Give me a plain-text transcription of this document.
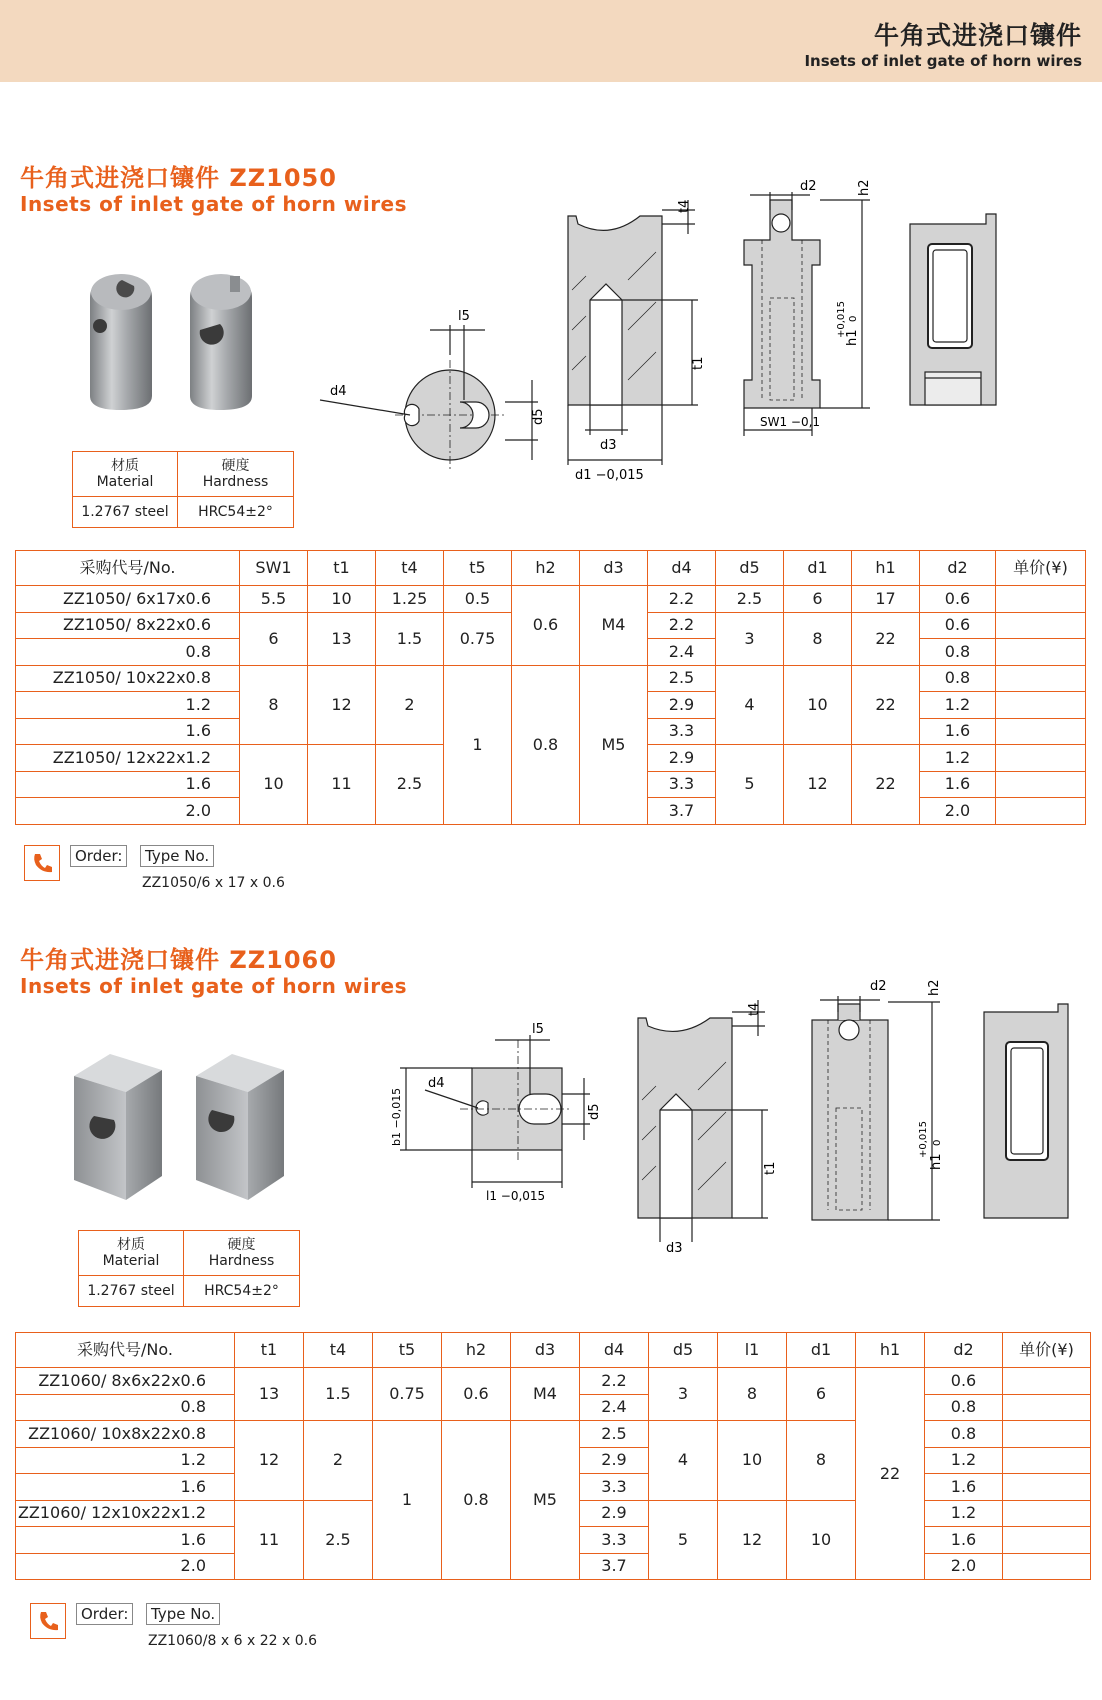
牛角式进浇口镶件
Insets of inlet gate of horn wires
牛角式进浇口镶件 ZZ1050
Insets of inlet gate of horn wires
材质
Material	硬度
Hardness
1.2767 steel	HRC54±2°
d4
l5
d5
t4
t1
d3
d1 −0,015
d2	h2
h1
+0,015 0
SW1 −0,1
采购代号/No.	SW1	t1	t4	t5	h2	d3	d4	d5	d1	h1	d2	单价(¥)
ZZ1050/ 6x17x0.6	5.5	10	1.25	0.5	0.6	M4	2.2	2.5	6	17	0.6	
ZZ1050/ 8x22x0.6	6	13	1.5	0.75			2.2	3	8	22	0.6	
0.8							2.4				0.8	
ZZ1050/ 10x22x0.8	8	12	2	1	0.8	M5	2.5	4	10	22	0.8	
1.2							2.9				1.2	
1.6							3.3				1.6	
ZZ1050/ 12x22x1.2	10	11	2.5				2.9	5	12	22	1.2	
1.6							3.3				1.6	
2.0							3.7				2.0	
Order:	Type No.
ZZ1050/6 x 17 x 0.6
牛角式进浇口镶件 ZZ1060
Insets of inlet gate of horn wires
材质
Material	硬度
Hardness
1.2767 steel	HRC54±2°
d4
l5
d5
b1 −0,015
l1 −0,015
t4
t1
d3
d2	h2
h1
+0,015 0
采购代号/No.	t1	t4	t5	h2	d3	d4	d5	l1	d1	h1	d2	单价(¥)
ZZ1060/ 8x6x22x0.6	13	1.5	0.75	0.6	M4	2.2	3	8	6	22	0.6	
0.8						2.4					0.8	
ZZ1060/ 10x8x22x0.8	12	2	1	0.8	M5	2.5	4	10	8		0.8	
1.2						2.9					1.2	
1.6						3.3					1.6	
ZZ1060/ 12x10x22x1.2	11	2.5				2.9	5	12	10		1.2	
1.6						3.3					1.6	
2.0						3.7					2.0	
Order:	Type No.
ZZ1060/8 x 6 x 22 x 0.6
